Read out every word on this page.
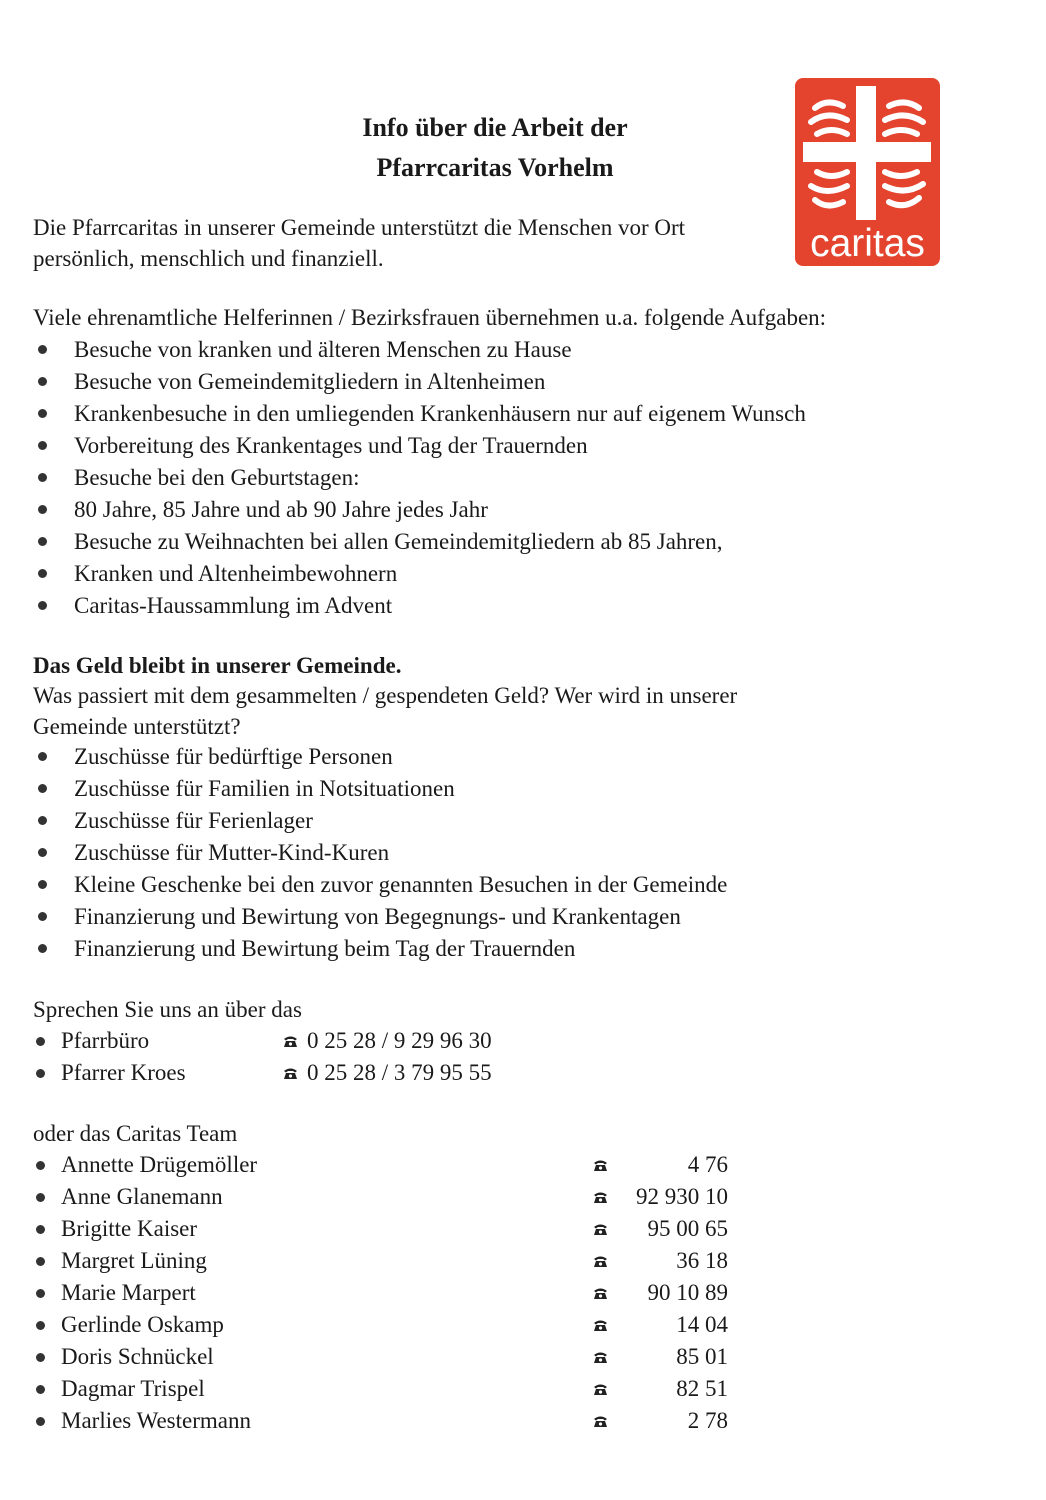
Info über die Arbeit der
Pfarrcaritas Vorhelm
caritas
Die Pfarrcaritas in unserer Gemeinde unterstützt die Menschen vor Ort
persönlich, menschlich und finanziell.
Viele ehrenamtliche Helferinnen / Bezirksfrauen übernehmen u.a. folgende Aufgaben:
Besuche von kranken und älteren Menschen zu Hause
Besuche von Gemeindemitgliedern in Altenheimen
Krankenbesuche in den umliegenden Krankenhäusern nur auf eigenem Wunsch
Vorbereitung des Krankentages und Tag der Trauernden
Besuche bei den Geburtstagen:
80 Jahre, 85 Jahre und ab 90 Jahre jedes Jahr
Besuche zu Weihnachten bei allen Gemeindemitgliedern ab 85 Jahren,
Kranken und Altenheimbewohnern
Caritas-Haussammlung im Advent
Das Geld bleibt in unserer Gemeinde.
Was passiert mit dem gesammelten / gespendeten Geld? Wer wird in unserer
Gemeinde unterstützt?
Zuschüsse für bedürftige Personen
Zuschüsse für Familien in Notsituationen
Zuschüsse für Ferienlager
Zuschüsse für Mutter-Kind-Kuren
Kleine Geschenke bei den zuvor genannten Besuchen in der Gemeinde
Finanzierung und Bewirtung von Begegnungs- und Krankentagen
Finanzierung und Bewirtung beim Tag der Trauernden
Sprechen Sie uns an über das
Pfarrbüro	0 25 28 / 9 29 96 30
Pfarrer Kroes	0 25 28 / 3 79 95 55
oder das Caritas Team
Annette Drügemöller	4 76
Anne Glanemann	92 930 10
Brigitte Kaiser	95 00 65
Margret Lüning	36 18
Marie Marpert	90 10 89
Gerlinde Oskamp	14 04
Doris Schnückel	85 01
Dagmar Trispel	82 51
Marlies Westermann	2 78
